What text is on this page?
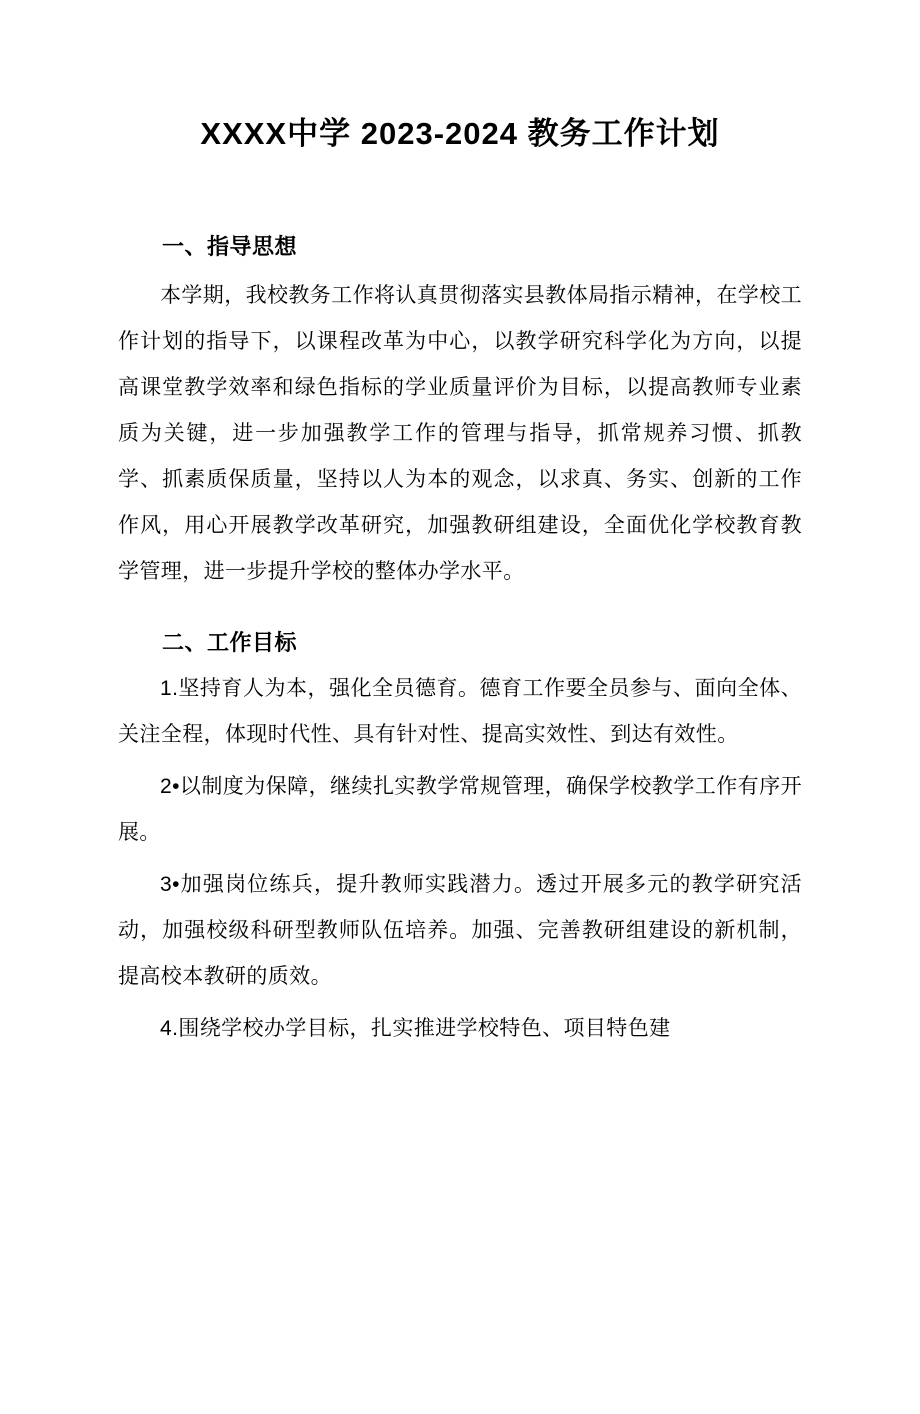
XXXX中学 2023-2024 教务工作计划
一、指导思想

本学期，我校教务工作将认真贯彻落实县教体局指示精神，在学校工作计划的指导下，以课程改革为中心，以教学研究科学化为方向，以提高课堂教学效率和绿色指标的学业质量评价为目标，以提高教师专业素质为关键，进一步加强教学工作的管理与指导，抓常规养习惯、抓教学、抓素质保质量，坚持以人为本的观念，以求真、务实、创新的工作作风，用心开展教学改革研究，加强教研组建设，全面优化学校教育教学管理，进一步提升学校的整体办学水平。

二、工作目标

1.坚持育人为本，强化全员德育。德育工作要全员参与、面向全体、关注全程，体现时代性、具有针对性、提高实效性、到达有效性。

2•以制度为保障，继续扎实教学常规管理，确保学校教学工作有序开展。

3•加强岗位练兵，提升教师实践潜力。透过开展多元的教学研究活动，加强校级科研型教师队伍培养。加强、完善教研组建设的新机制，提高校本教研的质效。

4.围绕学校办学目标，扎实推进学校特色、项目特色建
